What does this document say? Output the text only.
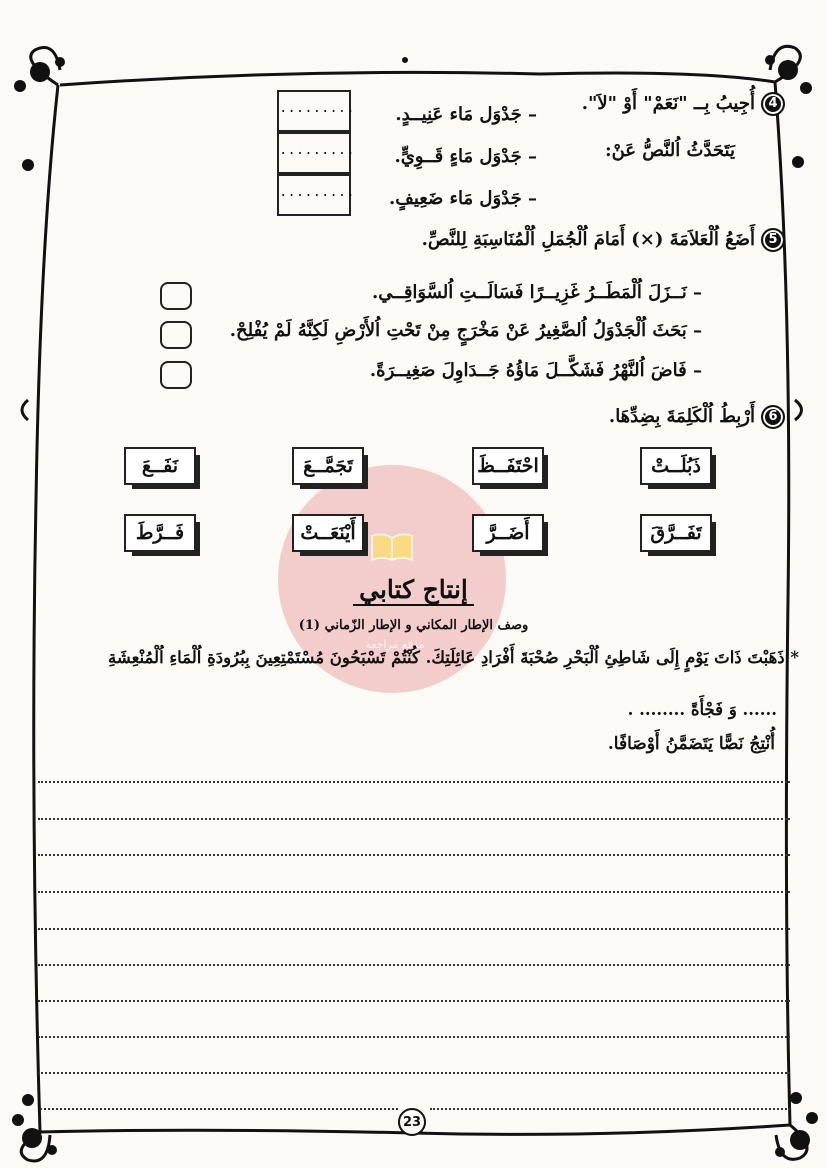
موقع مراجعة
4أُجِيبُ بِــ "نَعَمْ" أَوْ "لاَ".
يَتَحَدَّثُ اُلنَّصُّ عَنْ:
– جَدْوَل مَاء عَنِيــدٍ.
– جَدْوَل مَاءٍ قَــوِيٍّ.
– جَدْوَل مَاء ضَعِيفٍ.
.........
.........
.........
5أَضَعُ اُلْعَلاَمَةَ (×) أَمَامَ اُلْجُمَلِ اُلْمُنَاسِبَةِ لِلنَّصِّ.
– نَــزَلَ اُلْمَطَــرُ غَزِيــرًا فَسَالَــتِ اُلسَّوَاقِــي.
– بَحَثَ اُلْجَدْوَلُ اُلصَّغِيرُ عَنْ مَخْرَجٍ مِنْ تَحْتِ اُلأَرْضِ لَكِنَّهُ لَمْ يُفْلِحْ.
– فَاضَ اُلنَّهْرُ فَشَكَّــلَ مَاؤُهُ جَــدَاوِلَ صَغِيــرَةً.
6أَرْبِطُ اُلْكَلِمَةَ بِضِدِّهَا.
ذَبُلَــتْ
احْتَفَــظَ
تَجَمَّــعَ
نَفَــعَ
تَفَــرَّقَ
أَضَــرَّ
أَيْنَعَــتْ
فَــرَّطَ
إنتاج كتابي
وصف الإطار المكاني و الإطار الزّماني (1)
* ذَهَبْتَ ذَاتَ يَوْمٍ إِلَى شَاطِئِ اُلْبَحْرِ صُحْبَةَ أَفْرَادِ عَائِلَتِكَ. كُنْتُمْ تَسْبَحُونَ مُسْتَمْتِعِينَ بِبُرُودَةِ اُلْمَاءِ اُلْمُنْعِشَةِ
...... وَ فَجْأَةً ........ .
أُنْتِجُ نَصًّا يَتَضَمَّنُ أَوْصَافًا.
23
